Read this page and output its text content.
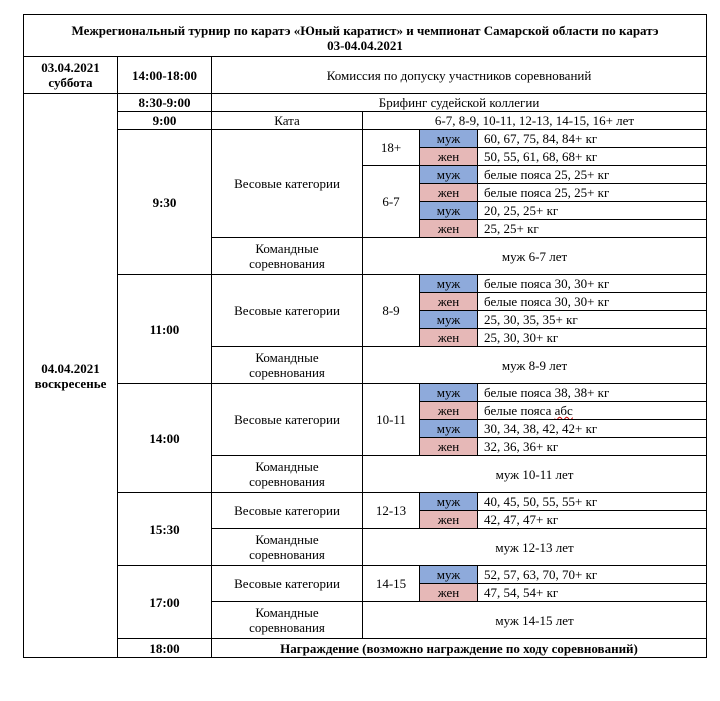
Межрегиональный турнир по каратэ «Юный каратист» и чемпионат Самарской области по каратэ
03-04.04.2021					
03.04.2021
суббота	14:00-18:00	Комиссия по допуску участников соревнований			
04.04.2021
воскресенье	8:30-9:00	Брифинг судейской коллегии			
	9:00	Ката	6-7, 8-9, 10-11, 12-13, 14-15, 16+ лет		
	9:30	Весовые категории	18+	муж	60, 67, 75, 84, 84+ кг
				жен	50, 55, 61, 68, 68+ кг
			6-7	муж	белые пояса 25, 25+ кг
				жен	белые пояса 25, 25+ кг
				муж	20, 25, 25+ кг
				жен	25, 25+ кг
		Командные
соревнования	муж 6-7 лет		
	11:00	Весовые категории	8-9	муж	белые пояса 30, 30+ кг
				жен	белые пояса 30, 30+ кг
				муж	25, 30, 35, 35+ кг
				жен	25, 30, 30+ кг
		Командные
соревнования	муж 8-9 лет		
	14:00	Весовые категории	10-11	муж	белые пояса 38, 38+ кг
				жен	белые пояса абс
				муж	30, 34, 38, 42, 42+ кг
				жен	32, 36, 36+ кг
		Командные
соревнования	муж 10-11 лет		
	15:30	Весовые категории	12-13	муж	40, 45, 50, 55, 55+ кг
				жен	42, 47, 47+ кг
		Командные
соревнования	муж 12-13 лет		
	17:00	Весовые категории	14-15	муж	52, 57, 63, 70, 70+ кг
				жен	47, 54, 54+ кг
		Командные
соревнования	муж 14-15 лет		
	18:00	Награждение (возможно награждение по ходу соревнований)			
